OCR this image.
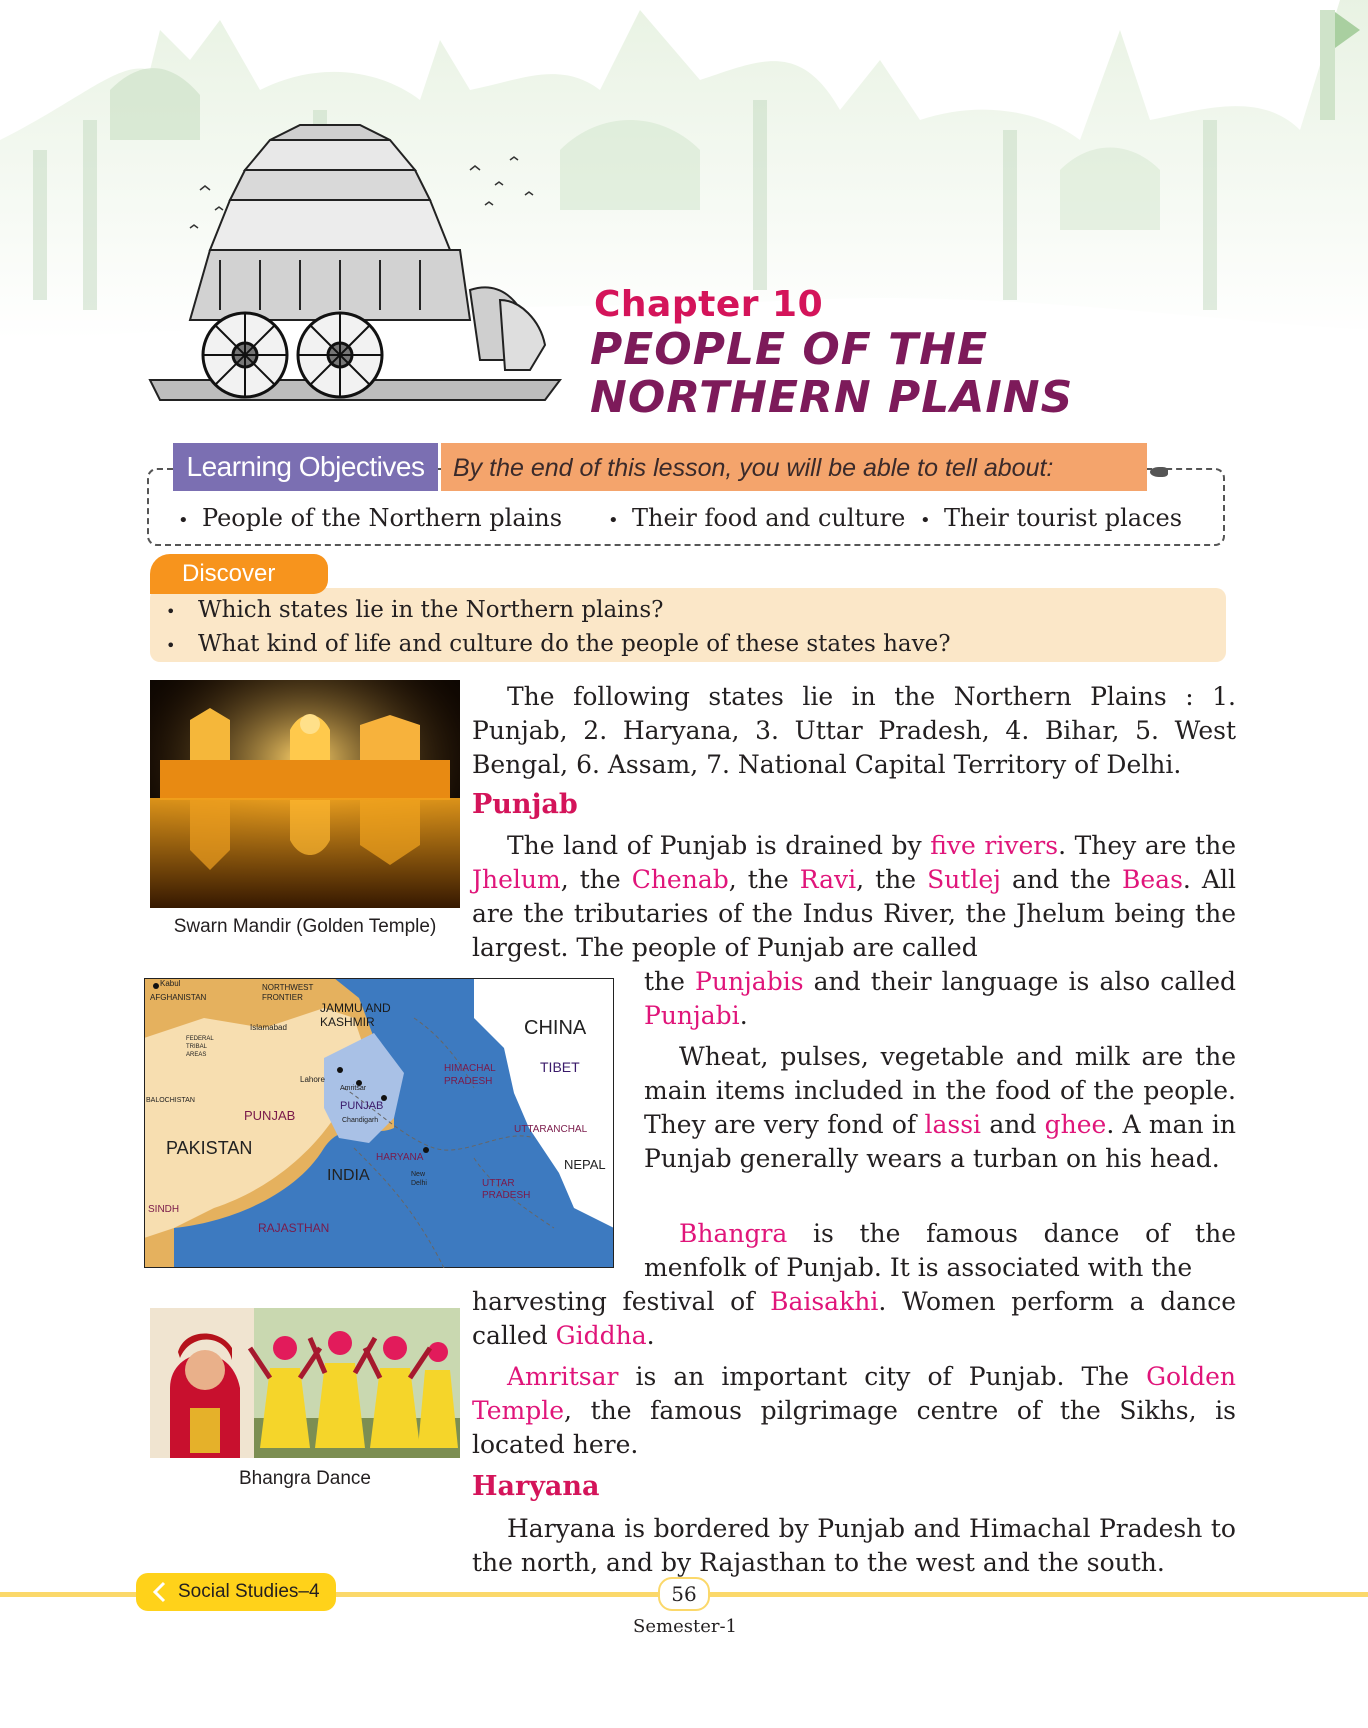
Chapter 10
PEOPLE OF THE
NORTHERN PLAINS
Learning Objectives	By the end of this lesson, you will be able to tell about:
• People of the Northern plains	• Their food and culture • Their tourist places
Discover
• Which states lie in the Northern plains?
• What kind of life and culture do the people of these states have?
Swarn Mandir (Golden Temple)
Kabul
AFGHANISTAN
NORTHWEST
FRONTIER
JAMMU AND
KASHMIR	CHINA
TIBET
Islamabad
FEDERAL
TRIBAL
AREAS
Lahore
Amritsar
PUNJAB
Chandigarh
HIMACHAL
PRADESH
BALOCHISTAN
PUNJAB
UTTARANCHAL
PAKISTAN	HARYANA
INDIA	New
Delhi
NEPAL
UTTAR
PRADESH
SINDH
RAJASTHAN
Bhangra Dance

The following states lie in the Northern Plains : 1. Punjab, 2. Haryana, 3. Uttar Pradesh, 4. Bihar, 5. West Bengal, 6. Assam, 7. National Capital Territory of Delhi.

Punjab

The land of Punjab is drained by five rivers. They are the Jhelum, the Chenab, the Ravi, the Sutlej and the Beas. All are the tributaries of the Indus River, the Jhelum being the largest. The people of Punjab are called

the Punjabis and their language is also called Punjabi.

Wheat, pulses, vegetable and milk are the main items included in the food of the people. They are very fond of lassi and ghee. A man in Punjab generally wears a turban on his head.

Bhangra is the famous dance of the menfolk of Punjab. It is associated with the

harvesting festival of Baisakhi. Women perform a dance called Giddha.

Amritsar is an important city of Punjab. The Golden Temple, the famous pilgrimage centre of the Sikhs, is located here.

Haryana

Haryana is bordered by Punjab and Himachal Pradesh to the north, and by Rajasthan to the west and the south.

Social Studies–4	56
Semester-1
